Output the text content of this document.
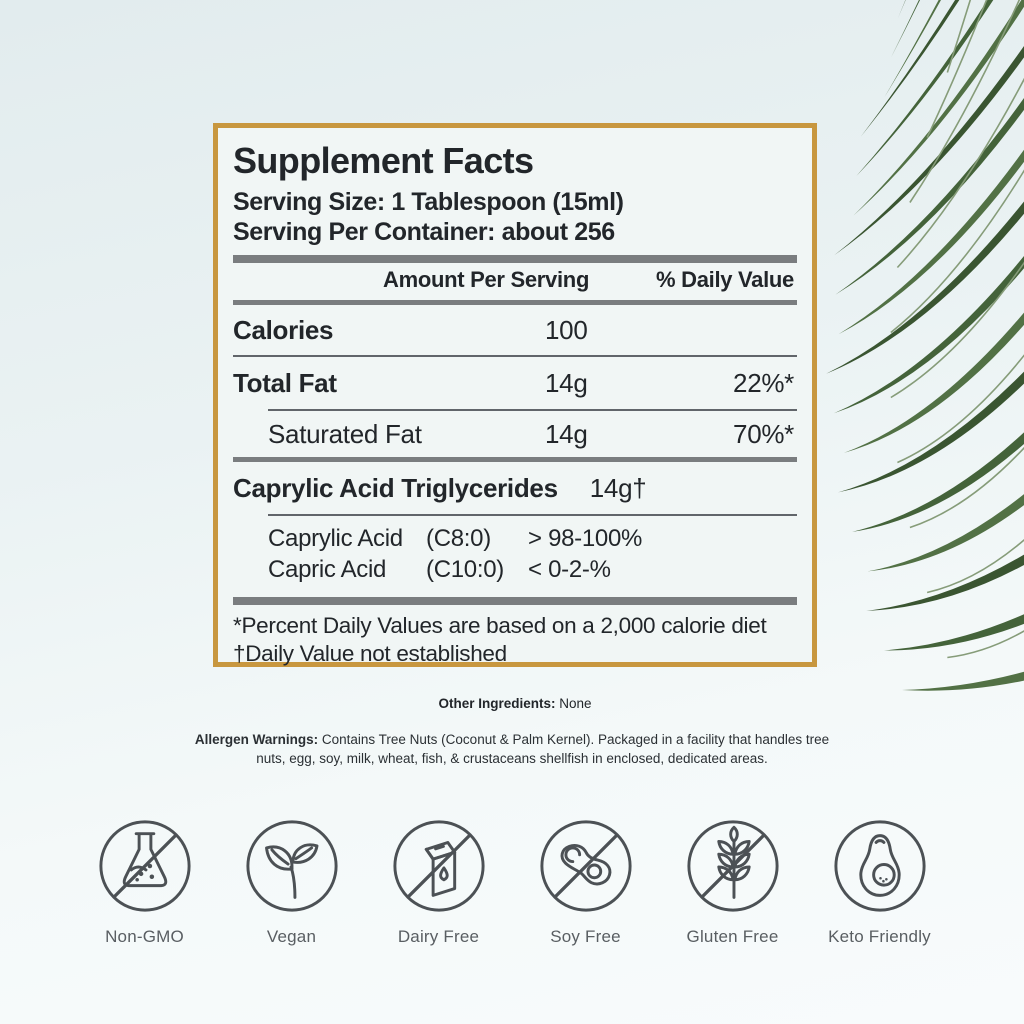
Supplement Facts
Serving Size: 1 Tablespoon (15ml)
Serving Per Container: about 256
Amount Per Serving	% Daily Value
Calories	100
Total Fat	14g	22%*
Saturated Fat	14g	70%*
Caprylic Acid Triglycerides 14g†
Caprylic Acid (C8:0)	> 98-100%
Capric Acid	(C10:0)	< 0-2-%
*Percent Daily Values are based on a 2,000 calorie diet
†Daily Value not established

Other Ingredients: None

Allergen Warnings: Contains Tree Nuts (Coconut & Palm Kernel). Packaged in a facility that handles tree nuts, egg, soy, milk, wheat, fish, & crustaceans shellfish in enclosed, dedicated areas.

Non-GMO	Vegan	Dairy Free	Soy Free	Gluten Free	Keto Friendly
